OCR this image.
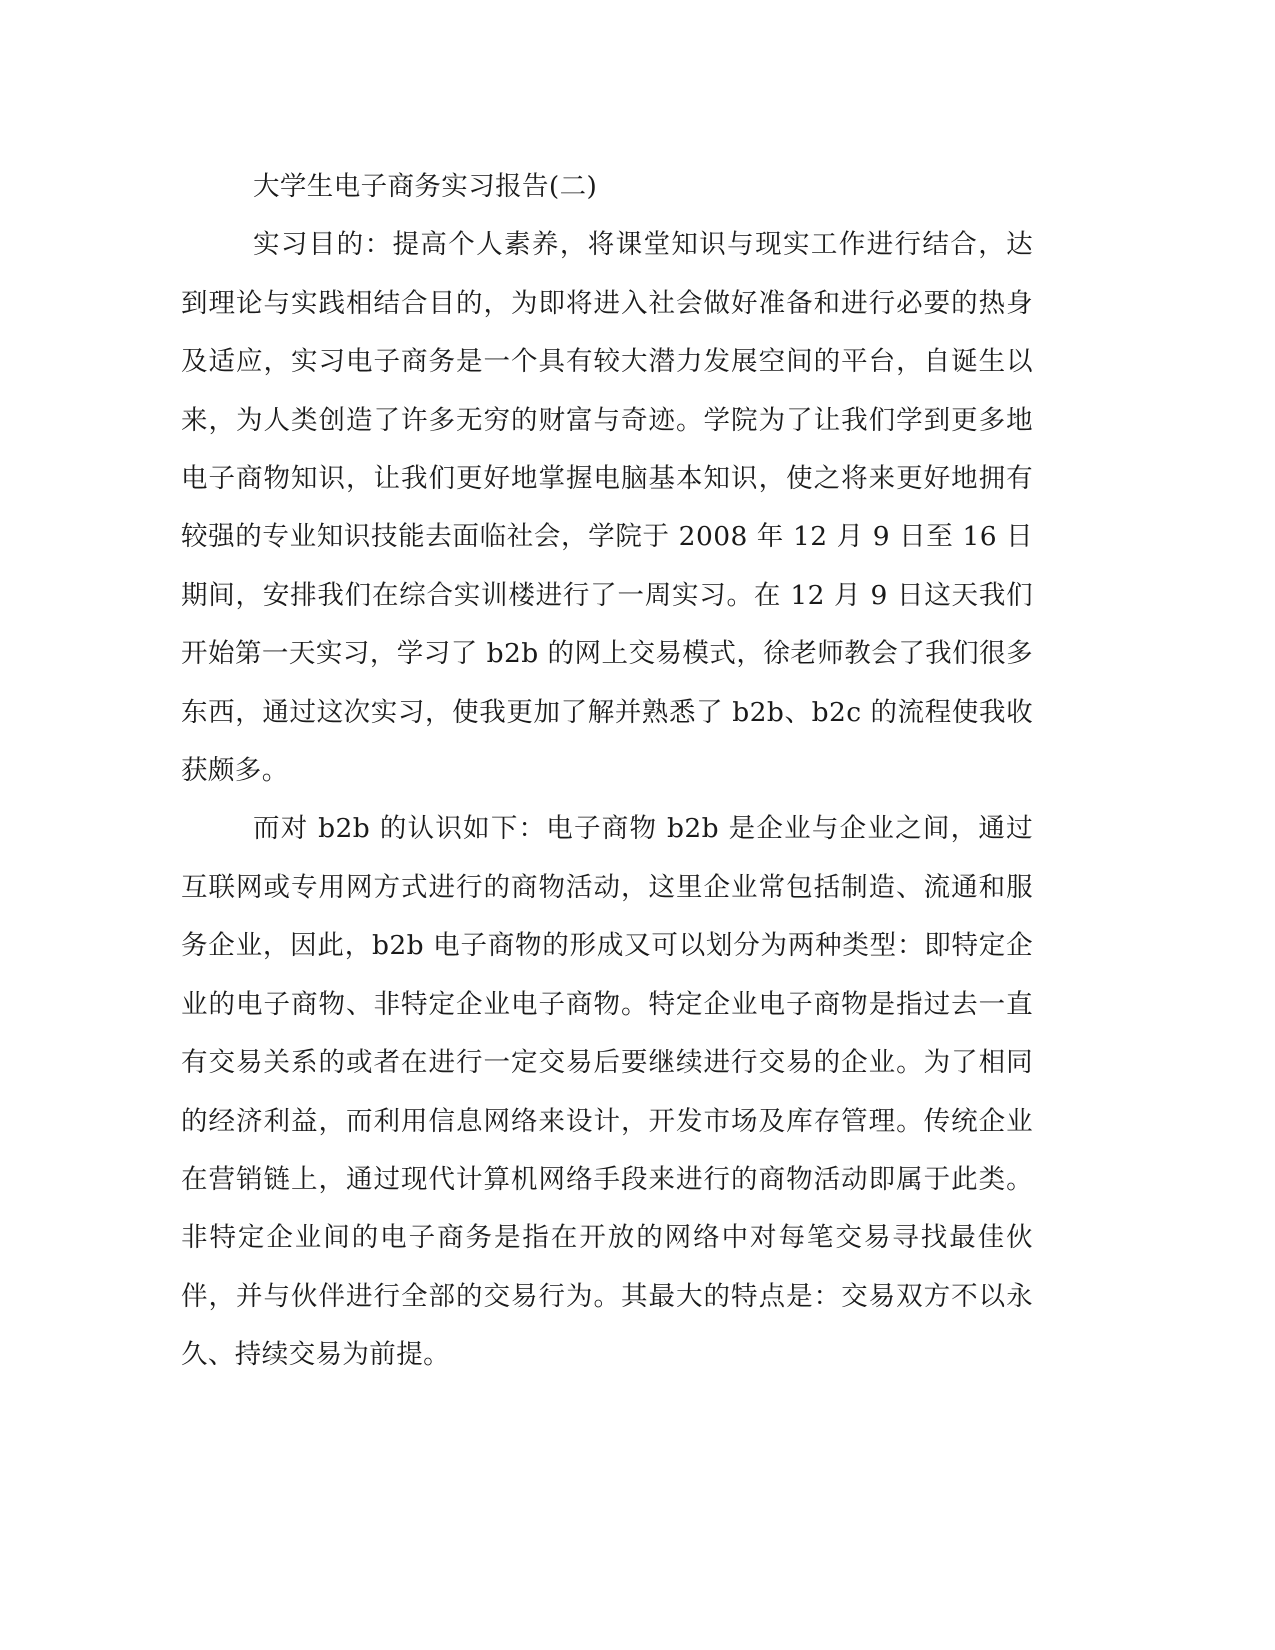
大学生电子商务实习报告(二)

实习目的：提高个人素养，将课堂知识与现实工作进行结合，达到理论与实践相结合目的，为即将进入社会做好准备和进行必要的热身及适应，实习电子商务是一个具有较大潜力发展空间的平台，自诞生以来，为人类创造了许多无穷的财富与奇迹。学院为了让我们学到更多地电子商物知识，让我们更好地掌握电脑基本知识，使之将来更好地拥有较强的专业知识技能去面临社会，学院于 2008 年 12 月 9 日至 16 日期间，安排我们在综合实训楼进行了一周实习。在 12 月 9 日这天我们开始第一天实习，学习了 b2b 的网上交易模式，徐老师教会了我们很多东西，通过这次实习，使我更加了解并熟悉了 b2b、b2c 的流程使我收获颇多。

而对 b2b 的认识如下：电子商物 b2b 是企业与企业之间，通过互联网或专用网方式进行的商物活动，这里企业常包括制造、流通和服务企业，因此，b2b 电子商物的形成又可以划分为两种类型：即特定企业的电子商物、非特定企业电子商物。特定企业电子商物是指过去一直有交易关系的或者在进行一定交易后要继续进行交易的企业。为了相同的经济利益，而利用信息网络来设计，开发市场及库存管理。传统企业在营销链上，通过现代计算机网络手段来进行的商物活动即属于此类。非特定企业间的电子商务是指在开放的网络中对每笔交易寻找最佳伙伴，并与伙伴进行全部的交易行为。其最大的特点是：交易双方不以永久、持续交易为前提。
